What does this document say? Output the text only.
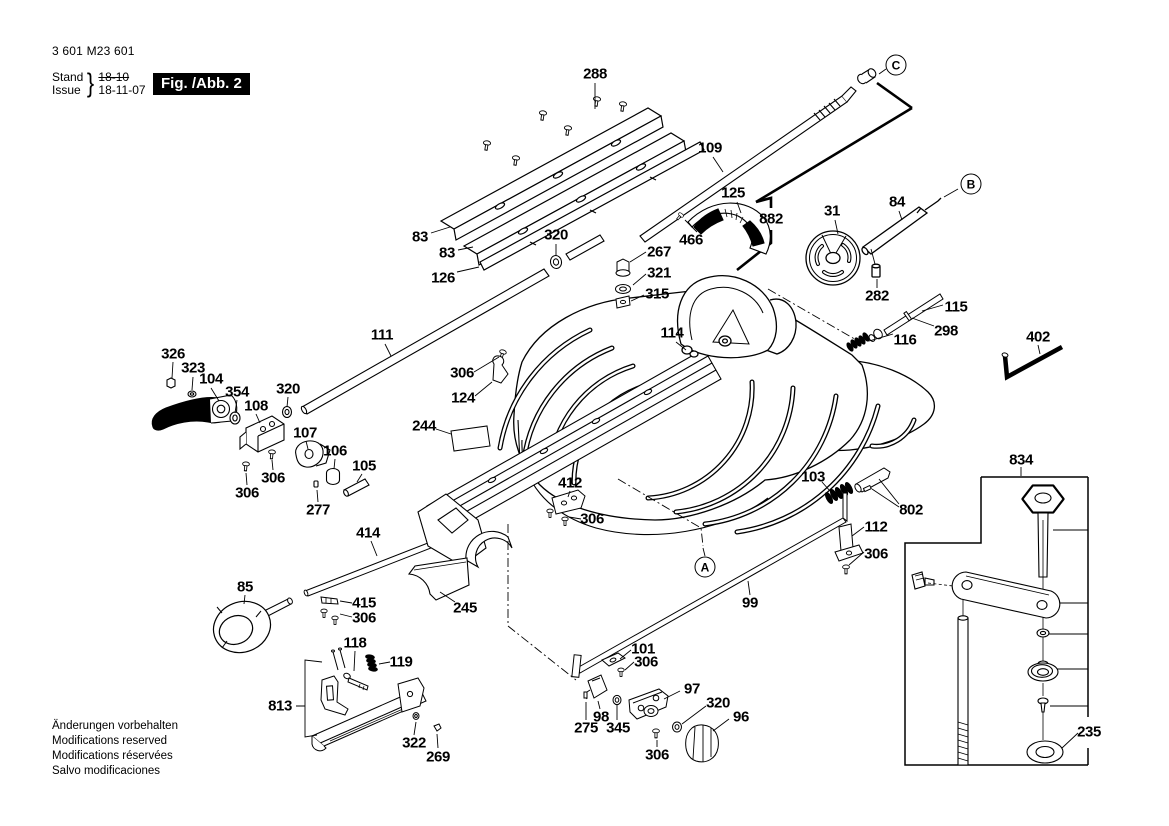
3 601 M23 601
Stand
Issue } 18-10
18-11-07	Fig. /Abb. 2
Änderungen vorbehalten
Modifications reserved
Modifications réservées
Salvo modificaciones
288
109
83
83
126
320
125
882
466
267
321
315
31
84
282
115
116
298	402
111	114
326
323
104
354
108
320
306
124
244
107
106
105
306
306
277
412
306
103
802
112
306
834
85
414
415
306
245
118
119
813
322
269
99
101
306
97
320
96
275
98
345
306
235
A
B
C
